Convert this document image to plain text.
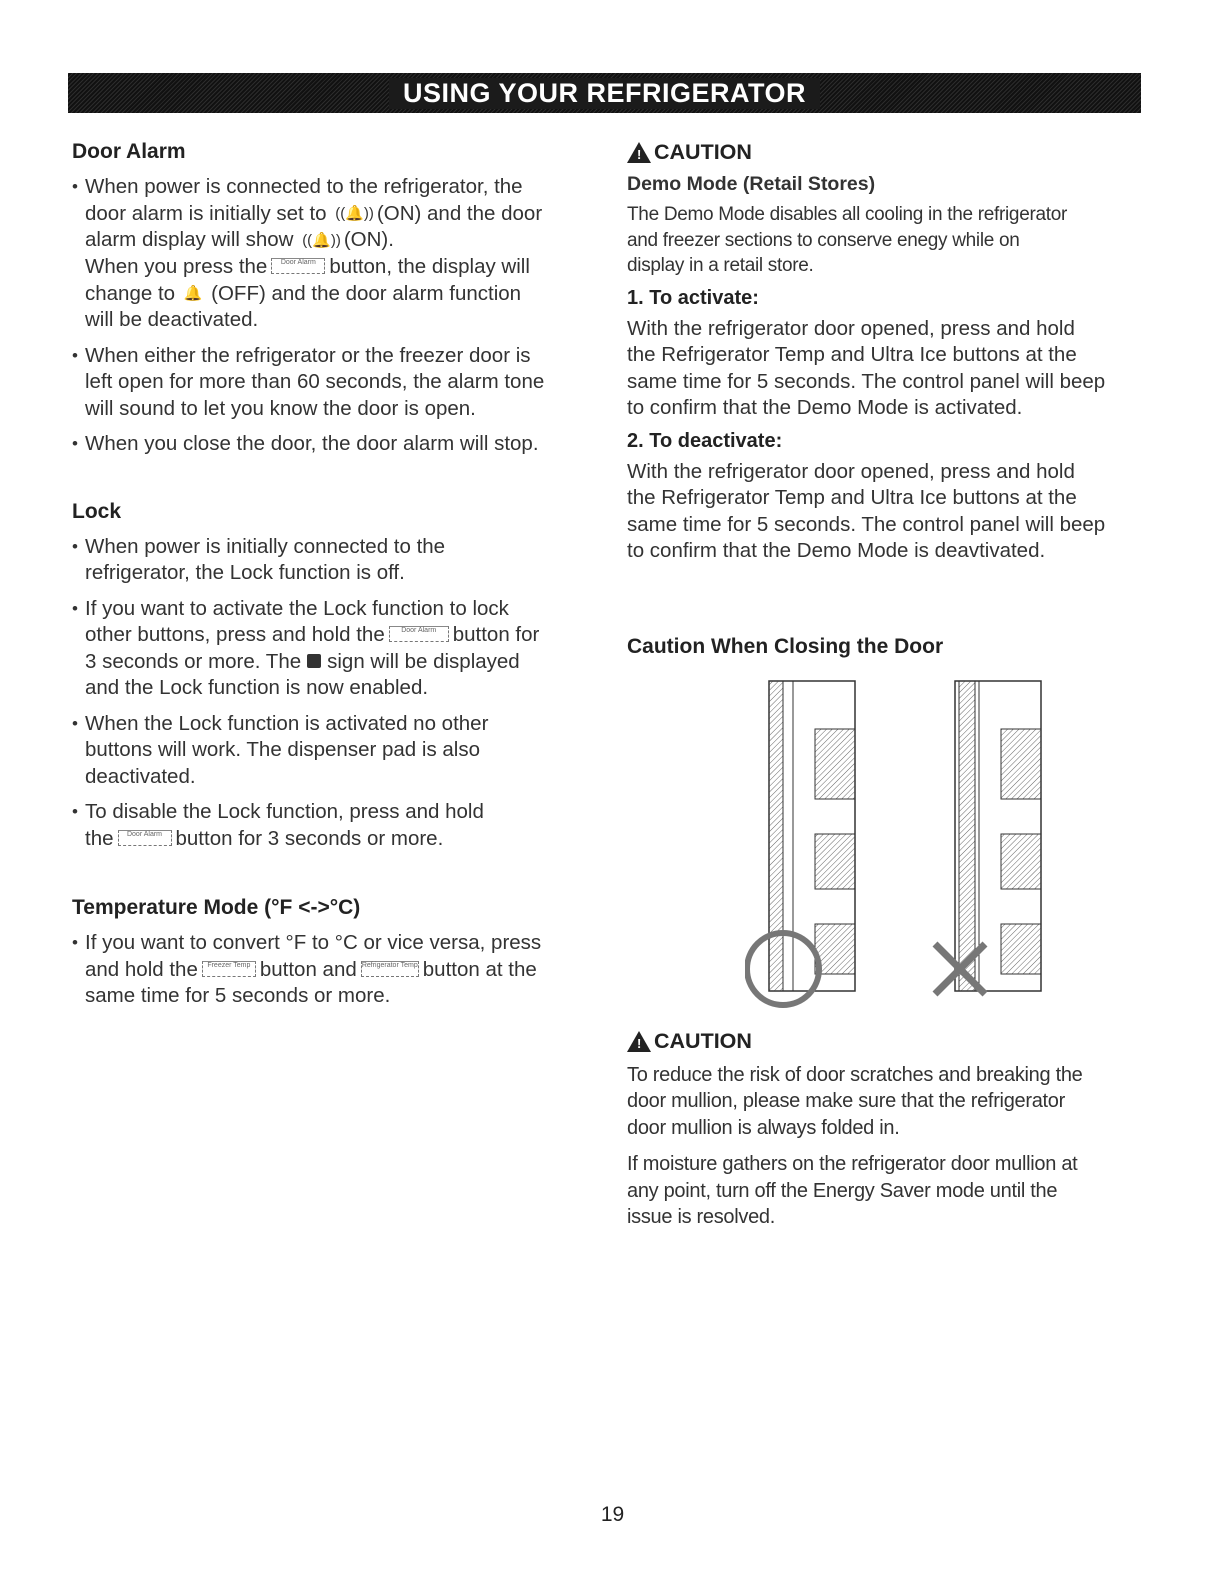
USING YOUR REFRIGERATOR
Door Alarm
• When power is connected to the refrigerator, the
door alarm is initially set to ((🔔)) (ON) and the door
alarm display will show ((🔔)) (ON).
When you press the Door Alarm button, the display will
change to 🔔 (OFF) and the door alarm function
will be deactivated.
• When either the refrigerator or the freezer door is
left open for more than 60 seconds, the alarm tone
will sound to let you know the door is open.
• When you close the door, the door alarm will stop.
Lock
• When power is initially connected to the
refrigerator, the Lock function is off.
• If you want to activate the Lock function to lock
other buttons, press and hold the Door Alarm button for
3 seconds or more. The sign will be displayed
and the Lock function is now enabled.
• When the Lock function is activated no other
buttons will work. The dispenser pad is also
deactivated.
• To disable the Lock function, press and hold
the Door Alarm button for 3 seconds or more.
Temperature Mode (°F <->°C)
• If you want to convert °F to °C or vice versa, press
and hold the Freezer Temp button and Refrigerator Temp button at the
same time for 5 seconds or more.
!
CAUTION
Demo Mode (Retail Stores)
The Demo Mode disables all cooling in the refrigerator
and freezer sections to conserve enegy while on
display in a retail store.
1. To activate:
With the refrigerator door opened, press and hold
the Refrigerator Temp and Ultra Ice buttons at the
same time for 5 seconds. The control panel will beep
to confirm that the Demo Mode is activated.
2. To deactivate:
With the refrigerator door opened, press and hold
the Refrigerator Temp and Ultra Ice buttons at the
same time for 5 seconds. The control panel will beep
to confirm that the Demo Mode is deavtivated.
Caution When Closing the Door
!
CAUTION
To reduce the risk of door scratches and breaking the
door mullion, please make sure that the refrigerator
door mullion is always folded in.
If moisture gathers on the refrigerator door mullion at
any point, turn off the Energy Saver mode until the
issue is resolved.
19
